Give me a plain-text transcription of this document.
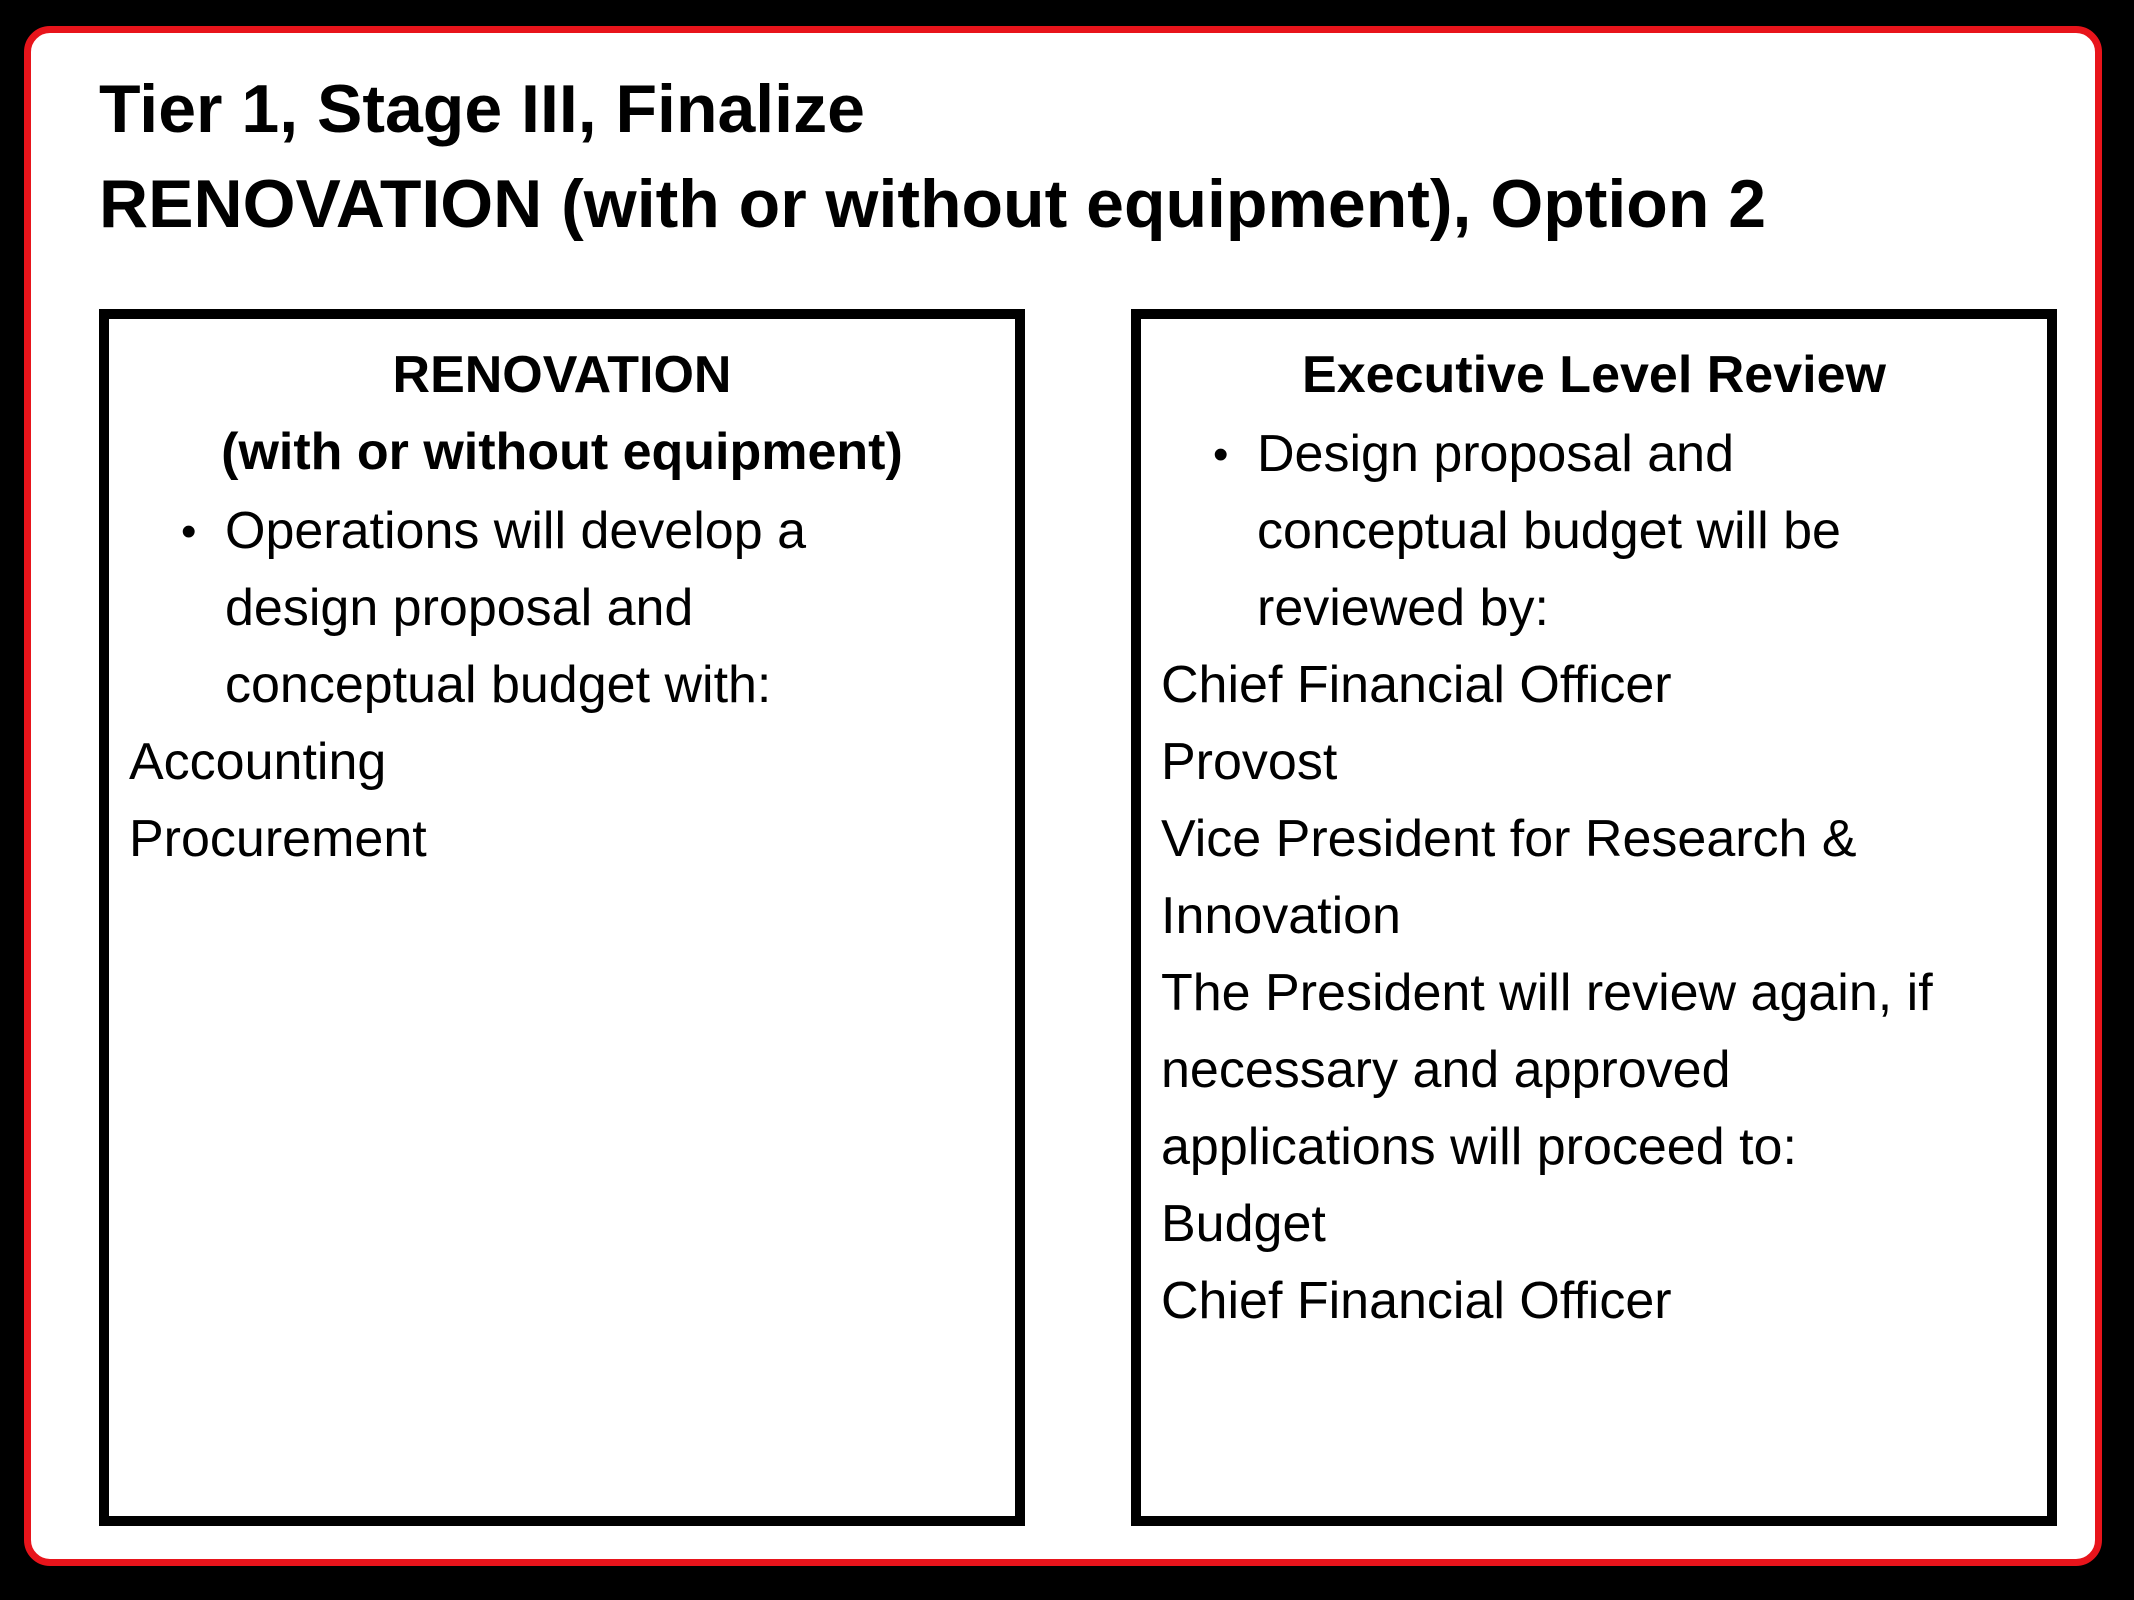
Tier 1, Stage III, Finalize
RENOVATION (with or without equipment), Option 2
RENOVATION
(with or without equipment)
• Operations will develop a
design proposal and
conceptual budget with:
Accounting
Procurement
Executive Level Review
• Design proposal and
conceptual budget will be
reviewed by:
Chief Financial Officer
Provost
Vice President for Research &
Innovation
The President will review again, if
necessary and approved
applications will proceed to:
Budget
Chief Financial Officer
